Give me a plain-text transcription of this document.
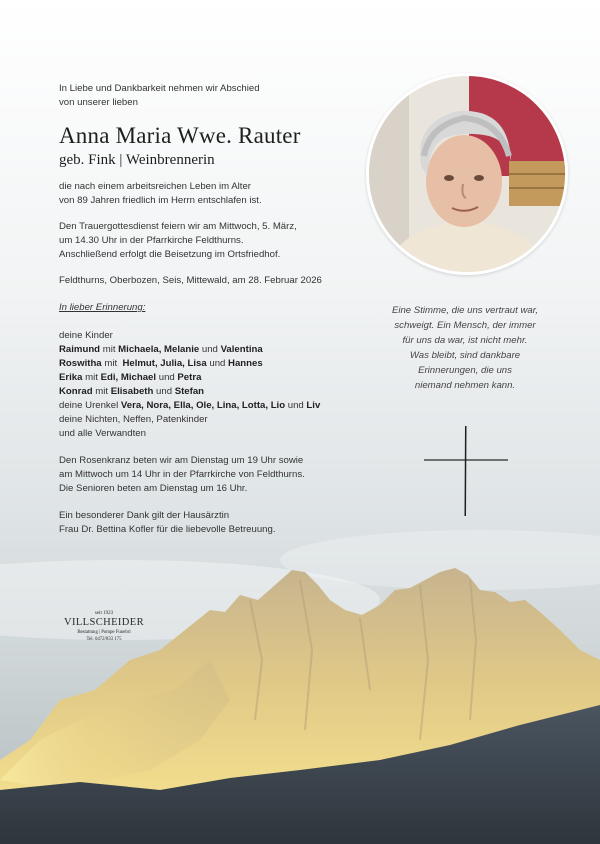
In Liebe und Dankbarkeit nehmen wir Abschied
von unserer lieben
Anna Maria Wwe. Rauter
geb. Fink | Weinbrennerin
die nach einem arbeitsreichen Leben im Alter
von 89 Jahren friedlich im Herrn entschlafen ist.
Den Trauergottesdienst feiern wir am Mittwoch, 5. März,
um 14.30 Uhr in der Pfarrkirche Feldthurns.
Anschließend erfolgt die Beisetzung im Ortsfriedhof.
Feldthurns, Oberbozen, Seis, Mittewald, am 28. Februar 2026
In lieber Erinnerung:
deine Kinder
Raimund mit Michaela, Melanie und Valentina
Roswitha mit  Helmut, Julia, Lisa und Hannes
Erika mit Edi, Michael und Petra
Konrad mit Elisabeth und Stefan
deine Urenkel Vera, Nora, Ella, Ole, Lina, Lotta, Lio und Liv
deine Nichten, Neffen, Patenkinder
und alle Verwandten
Den Rosenkranz beten wir am Dienstag um 19 Uhr sowie
am Mittwoch um 14 Uhr in der Pfarrkirche von Feldthurns.
Die Senioren beten am Dienstag um 16 Uhr.
Ein besonderer Dank gilt der Hausärztin
Frau Dr. Bettina Kofler für die liebevolle Betreuung.
Eine Stimme, die uns vertraut war,
schweigt. Ein Mensch, der immer
für uns da war, ist nicht mehr.
Was bleibt, sind dankbare
Erinnerungen, die uns
niemand nehmen kann.
seit 1923
VILLSCHEIDER
Bestattung | Pompe Funebri
Tel. 0472/833 175
